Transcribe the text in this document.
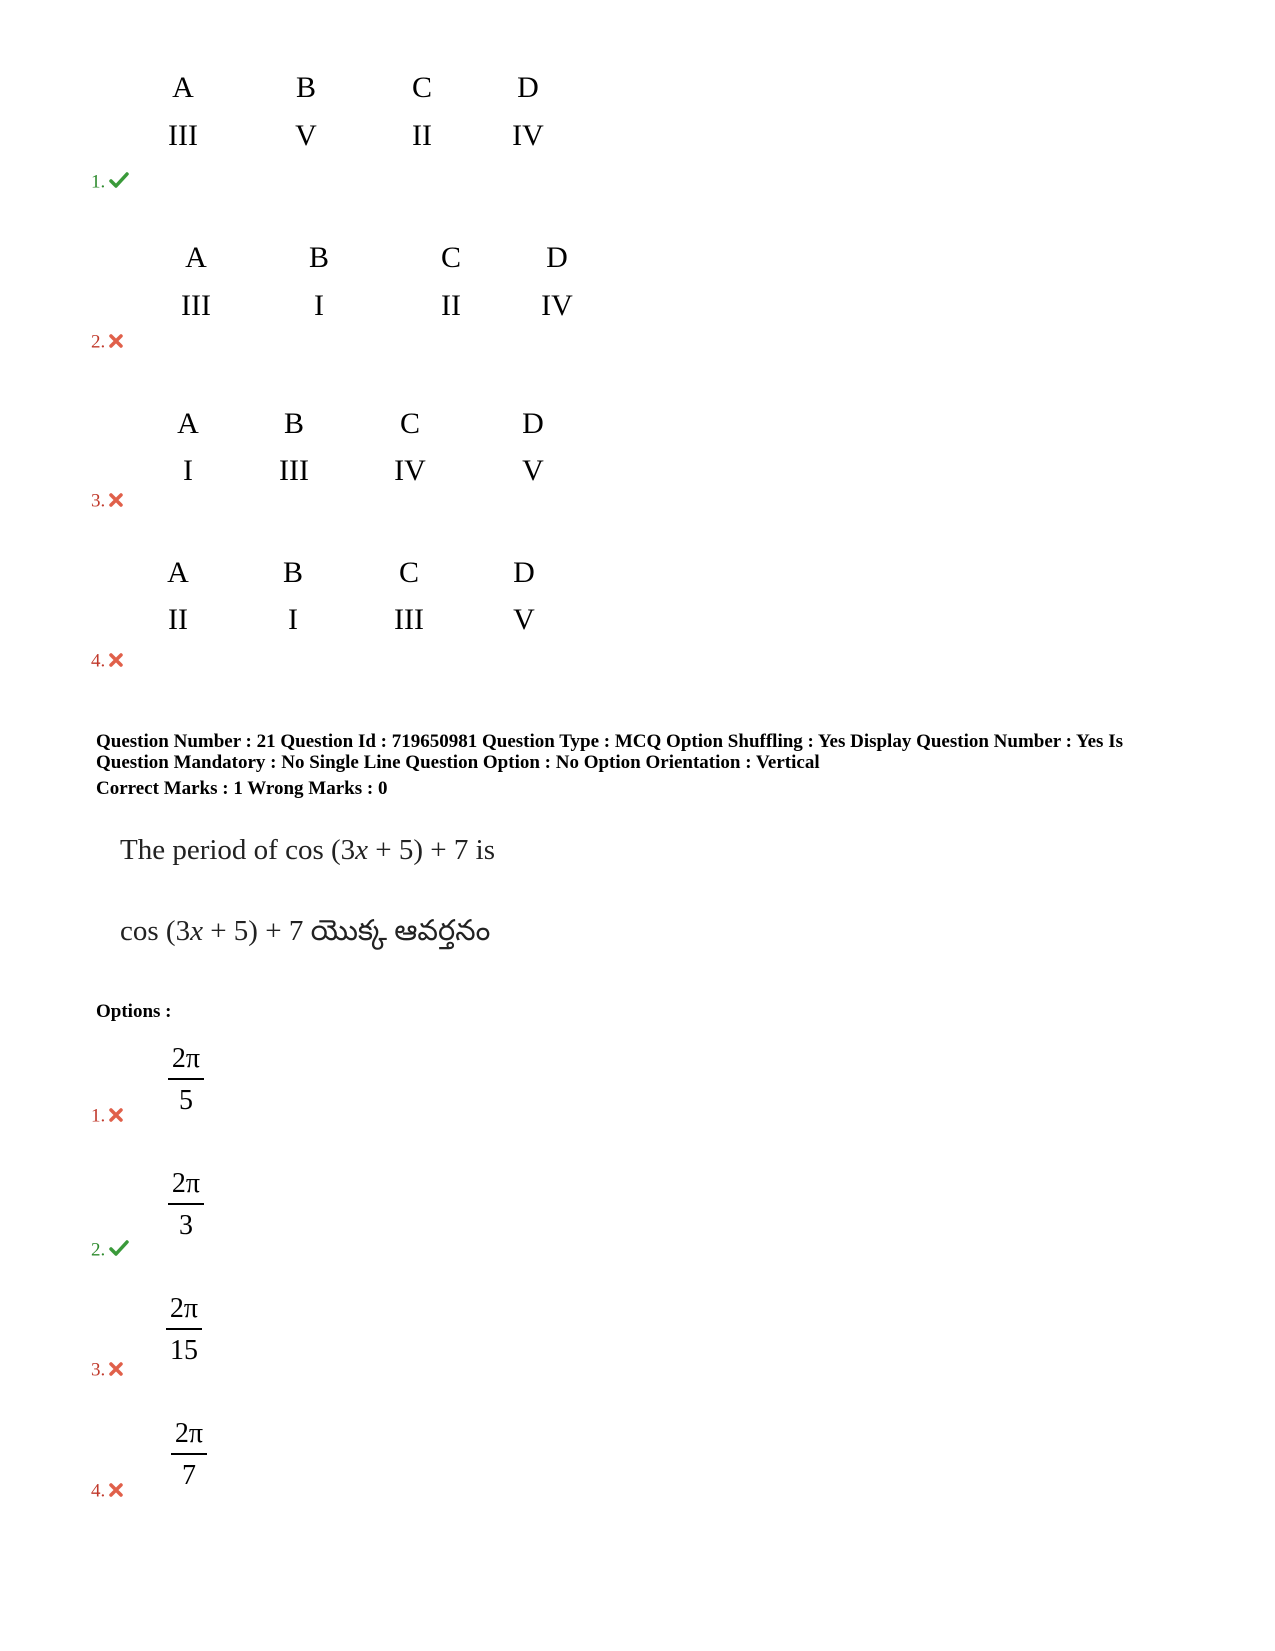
A	B	C	D
III	V	II	IV
1.
A	B	C	D
III	I	II	IV
2.
A	B	C	D
I	III	IV	V
3.
A	B	C	D
II	I	III	V
4.
Question Number : 21 Question Id : 719650981 Question Type : MCQ Option Shuffling : Yes Display Question Number : Yes Is
Question Mandatory : No Single Line Question Option : No Option Orientation : Vertical
Correct Marks : 1 Wrong Marks : 0
The period of cos (3x + 5) + 7 is
cos (3x + 5) + 7 యొక్క ఆవర్తనం
Options :
2π
5
1.
2π
3
2.
2π
15
3.
2π
7
4.
